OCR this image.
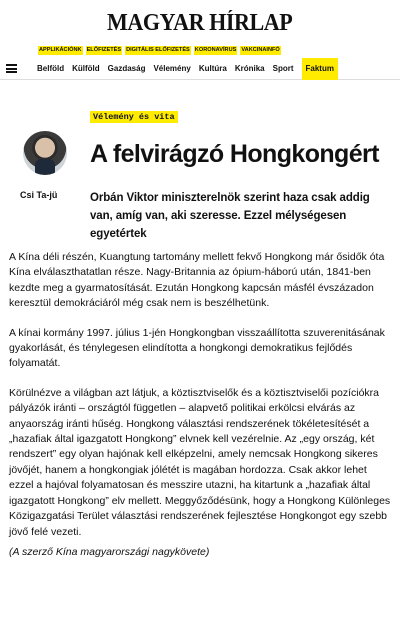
MAGYAR HÍRLAP
APPLIKÁCIÓNK ELŐFIZETÉS DIGITÁLIS ELŐFIZETÉS KORONAVÍRUS VAKCINAINFÓ
Belföld Külföld Gazdaság Vélemény Kultúra Krónika Sport	Faktum
Vélemény és vita
Csi Ta-jü
A felvirágzó Hongkongért
Orbán Viktor miniszterelnök szerint haza csak addig van, amíg van, aki szeresse. Ezzel mélységesen egyetértek

A Kína déli részén, Kuangtung tartomány mellett fekvő Hongkong már ősidők óta Kína elválaszthatatlan része. Nagy-Britannia az ópium-háború után, 1841-ben kezdte meg a gyarmatosítását. Ezután Hongkong kapcsán másfél évszázadon keresztül demokráciáról még csak nem is beszélhetünk.

A kínai kormány 1997. július 1-jén Hongkongban visszaállította szuverenitásának gyakorlását, és ténylegesen elindította a hongkongi demokratikus fejlődés folyamatát.

Körülnézve a világban azt látjuk, a köztisztviselők és a köztisztviselői pozíciókra pályázók iránti – országtól független – alapvető politikai erkölcsi elvárás az anyaország iránti hűség. Hongkong választási rendszerének tökéletesítését a „hazafiak által igazgatott Hongkong” elvnek kell vezérelnie. Az „egy ország, két rendszert” egy olyan hajónak kell elképzelni, amely nemcsak Hongkong sikeres jövőjét, hanem a hongkongiak jólétét is magában hordozza. Csak akkor lehet ezzel a hajóval folyamatosan és messzire utazni, ha kitartunk a „hazafiak által igazgatott Hongkong” elv mellett. Meggyőződésünk, hogy a Hongkong Különleges Közigazgatási Terület választási rendszerének fejlesztése Hongkongot egy szebb jövő felé vezeti.

(A szerző Kína magyarországi nagykövete)
